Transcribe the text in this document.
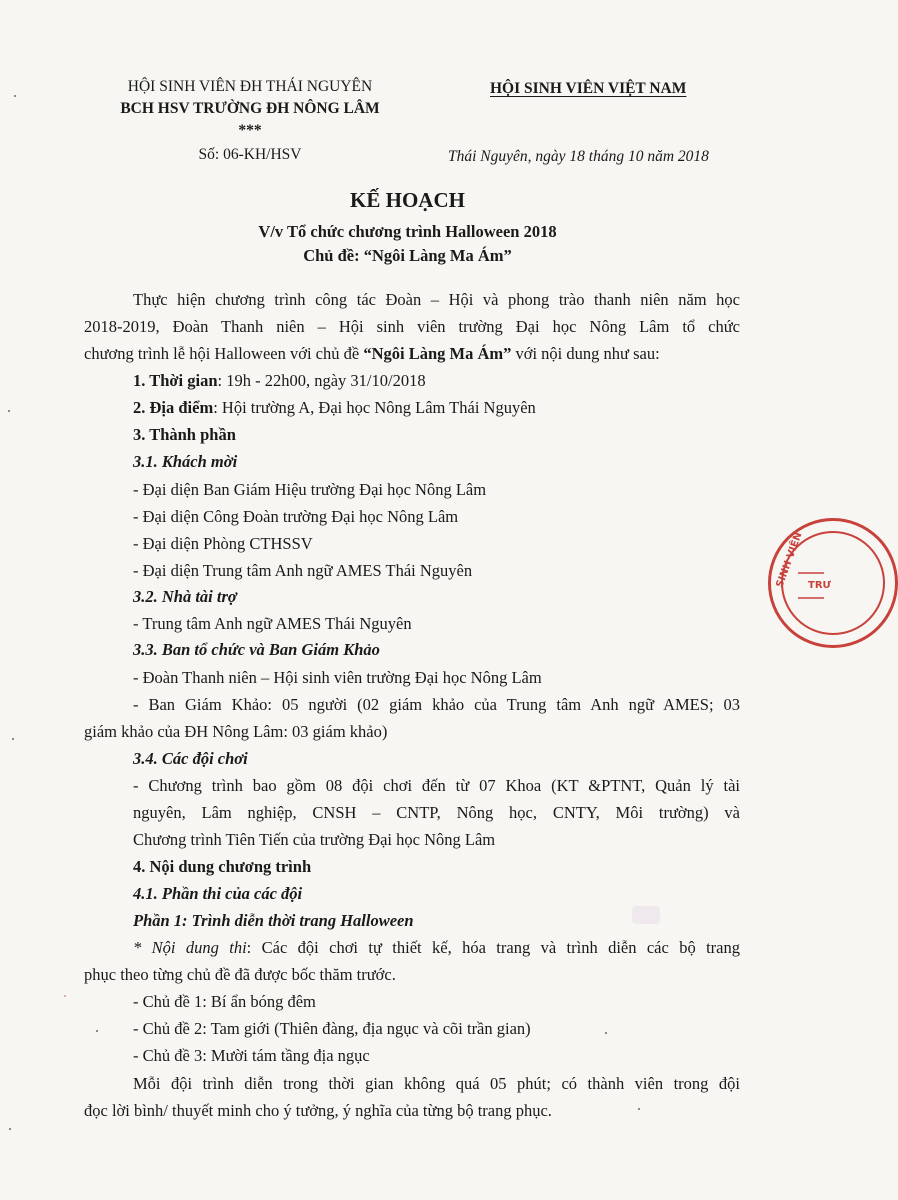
HỘI SINH VIÊN ĐH THÁI NGUYÊN
BCH HSV TRƯỜNG ĐH NÔNG LÂM
***
Số: 06-KH/HSV
HỘI SINH VIÊN VIỆT NAM
Thái Nguyên, ngày 18 tháng 10 năm 2018
KẾ HOẠCH
V/v Tổ chức chương trình Halloween 2018
Chủ đề: “Ngôi Làng Ma Ám”
Thực hiện chương trình công tác Đoàn – Hội và phong trào thanh niên năm học
2018-2019, Đoàn Thanh niên – Hội sinh viên trường Đại học Nông Lâm tổ chức
chương trình lễ hội Halloween với chủ đề “Ngôi Làng Ma Ám” với nội dung như sau:
1. Thời gian: 19h - 22h00, ngày 31/10/2018
2. Địa điểm: Hội trường A, Đại học Nông Lâm Thái Nguyên
3. Thành phần
3.1. Khách mời
- Đại diện Ban Giám Hiệu trường Đại học Nông Lâm
- Đại diện Công Đoàn trường Đại học Nông Lâm
- Đại diện Phòng CTHSSV
- Đại diện Trung tâm Anh ngữ AMES Thái Nguyên
3.2. Nhà tài trợ
- Trung tâm Anh ngữ AMES Thái Nguyên
3.3. Ban tổ chức và Ban Giám Khảo
- Đoàn Thanh niên – Hội sinh viên trường Đại học Nông Lâm
- Ban Giám Khảo: 05 người (02 giám khảo của Trung tâm Anh ngữ AMES; 03
giám khảo của ĐH Nông Lâm: 03 giám khảo)
3.4. Các đội chơi
- Chương trình bao gồm 08 đội chơi đến từ 07 Khoa (KT &PTNT, Quản lý tài
nguyên, Lâm nghiệp, CNSH – CNTP, Nông học, CNTY, Môi trường) và
Chương trình Tiên Tiến của trường Đại học Nông Lâm
4. Nội dung chương trình
4.1. Phần thi của các đội
Phần 1: Trình diễn thời trang Halloween
* Nội dung thi: Các đội chơi tự thiết kế, hóa trang và trình diễn các bộ trang
phục theo từng chủ đề đã được bốc thăm trước.
- Chủ đề 1: Bí ẩn bóng đêm
- Chủ đề 2: Tam giới (Thiên đàng, địa ngục và cõi trần gian)
- Chủ đề 3: Mười tám tầng địa ngục
Mỗi đội trình diễn trong thời gian không quá 05 phút; có thành viên trong đội
đọc lời bình/ thuyết minh cho ý tưởng, ý nghĩa của từng bộ trang phục.
SINH VIÊN TRƯ
